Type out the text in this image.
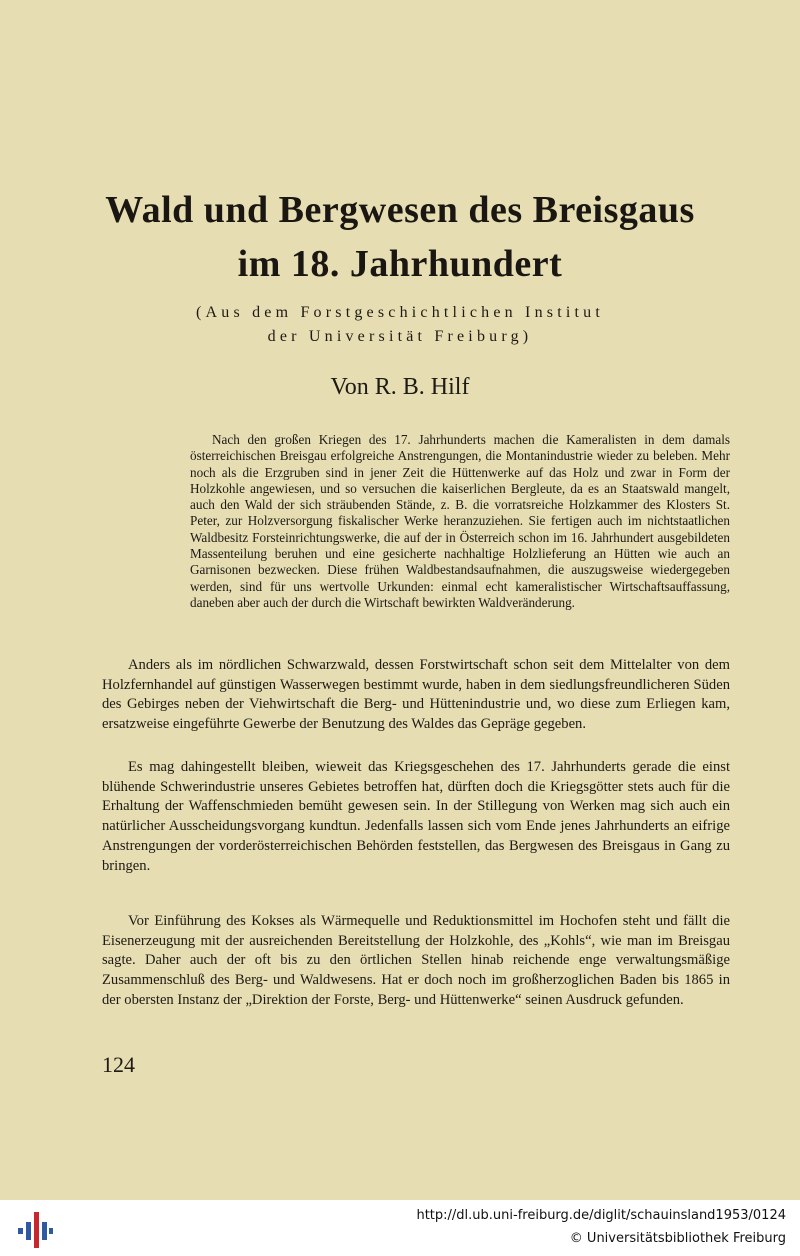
Wald und Bergwesen des Breisgaus
im 18. Jahrhundert

(Aus dem Forstgeschichtlichen Institut

der Universität Freiburg)

Von R. B. Hilf

Nach den großen Kriegen des 17. Jahrhunderts machen die Kameralisten in dem damals österreichischen Breisgau erfolgreiche Anstrengungen, die Montanindustrie wieder zu beleben. Mehr noch als die Erzgruben sind in jener Zeit die Hüttenwerke auf das Holz und zwar in Form der Holzkohle angewiesen, und so versuchen die kaiserlichen Bergleute, da es an Staatswald mangelt, auch den Wald der sich sträubenden Stände, z. B. die vorratsreiche Holzkammer des Klosters St. Peter, zur Holzversorgung fiskalischer Werke heranzuziehen. Sie fertigen auch im nichtstaatlichen Waldbesitz Forsteinrichtungswerke, die auf der in Österreich schon im 16. Jahrhundert ausgebildeten Massenteilung beruhen und eine gesicherte nachhaltige Holzlieferung an Hütten wie auch an Garnisonen bezwecken. Diese frühen Waldbestandsaufnahmen, die auszugsweise wiedergegeben werden, sind für uns wertvolle Urkunden: einmal echt kameralistischer Wirtschaftsauffassung, daneben aber auch der durch die Wirtschaft bewirkten Waldveränderung.

Anders als im nördlichen Schwarzwald, dessen Forstwirtschaft schon seit dem Mittelalter von dem Holzfernhandel auf günstigen Wasserwegen bestimmt wurde, haben in dem siedlungsfreundlicheren Süden des Gebirges neben der Viehwirtschaft die Berg- und Hüttenindustrie und, wo diese zum Erliegen kam, ersatzweise eingeführte Gewerbe der Benutzung des Waldes das Gepräge gegeben.

Es mag dahingestellt bleiben, wieweit das Kriegsgeschehen des 17. Jahrhunderts gerade die einst blühende Schwerindustrie unseres Gebietes betroffen hat, dürften doch die Kriegsgötter stets auch für die Erhaltung der Waffenschmieden bemüht gewesen sein. In der Stillegung von Werken mag sich auch ein natürlicher Ausscheidungsvorgang kundtun. Jedenfalls lassen sich vom Ende jenes Jahrhunderts an eifrige Anstrengungen der vorderösterreichischen Behörden feststellen, das Bergwesen des Breisgaus in Gang zu bringen.

Vor Einführung des Kokses als Wärmequelle und Reduktionsmittel im Hochofen steht und fällt die Eisenerzeugung mit der ausreichenden Bereitstellung der Holzkohle, des „Kohls“, wie man im Breisgau sagte. Daher auch der oft bis zu den örtlichen Stellen hinab reichende enge verwaltungsmäßige Zusammenschluß des Berg- und Waldwesens. Hat er doch noch im großherzoglichen Baden bis 1865 in der obersten Instanz der „Direktion der Forste, Berg- und Hüttenwerke“ seinen Ausdruck gefunden.

124

http://dl.ub.uni-freiburg.de/diglit/schauinsland1953/0124
© Universitätsbibliothek Freiburg
